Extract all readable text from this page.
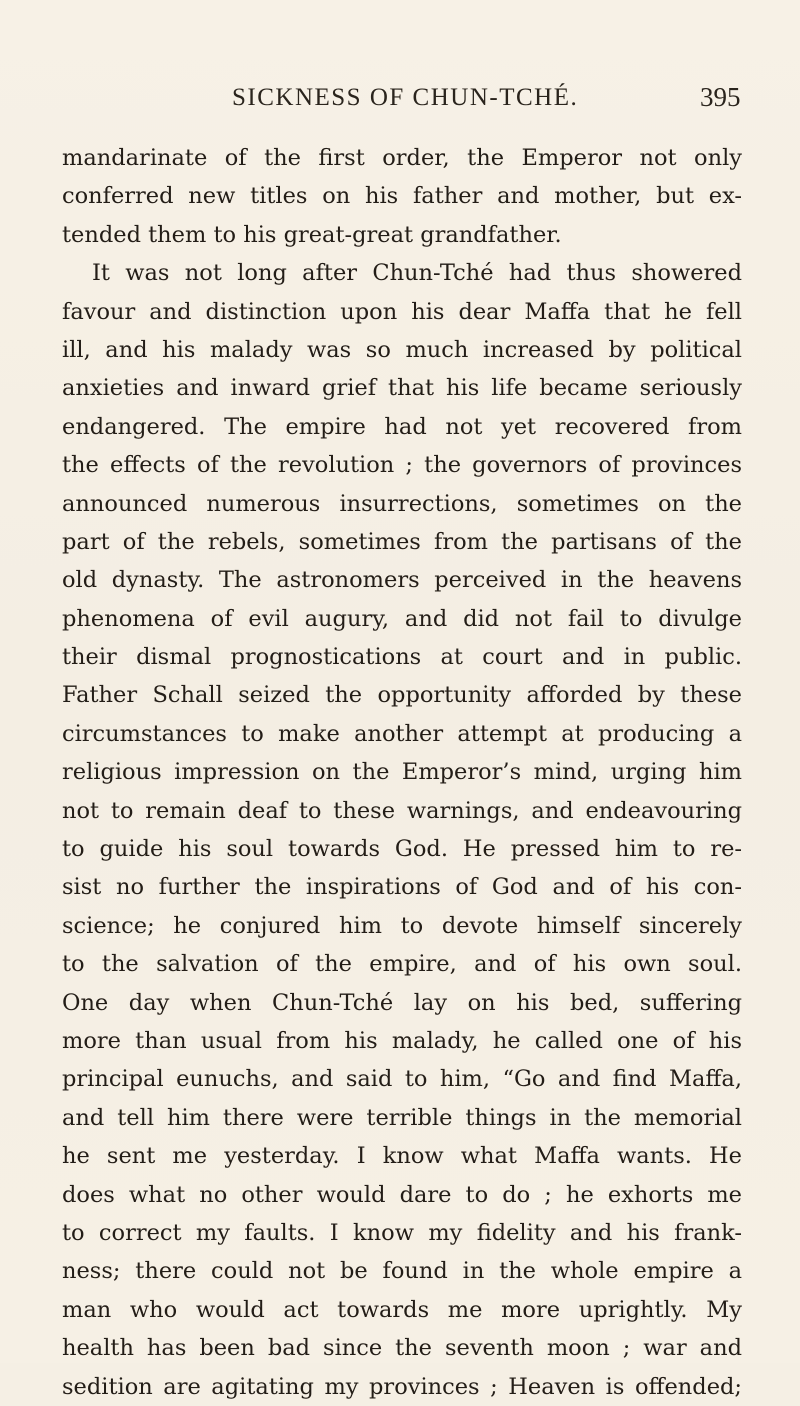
SICKNESS OF CHUN-TCHÉ.	395
mandarinate of the first order, the Emperor not only
conferred new titles on his father and mother, but ex-
tended them to his great-great grandfather.
It was not long after Chun-Tché had thus showered
favour and distinction upon his dear Maffa that he fell
ill, and his malady was so much increased by political
anxieties and inward grief that his life became seriously
endangered. The empire had not yet recovered from
the effects of the revolution ; the governors of provinces
announced numerous insurrections, sometimes on the
part of the rebels, sometimes from the partisans of the
old dynasty. The astronomers perceived in the heavens
phenomena of evil augury, and did not fail to divulge
their dismal prognostications at court and in public.
Father Schall seized the opportunity afforded by these
circumstances to make another attempt at producing a
religious impression on the Emperor’s mind, urging him
not to remain deaf to these warnings, and endeavouring
to guide his soul towards God. He pressed him to re-
sist no further the inspirations of God and of his con-
science; he conjured him to devote himself sincerely
to the salvation of the empire, and of his own soul.
One day when Chun-Tché lay on his bed, suffering
more than usual from his malady, he called one of his
principal eunuchs, and said to him, “Go and find Maffa,
and tell him there were terrible things in the memorial
he sent me yesterday. I know what Maffa wants. He
does what no other would dare to do ; he exhorts me
to correct my faults. I know my fidelity and his frank-
ness; there could not be found in the whole empire a
man who would act towards me more uprightly. My
health has been bad since the seventh moon ; war and
sedition are agitating my provinces ; Heaven is offended;
